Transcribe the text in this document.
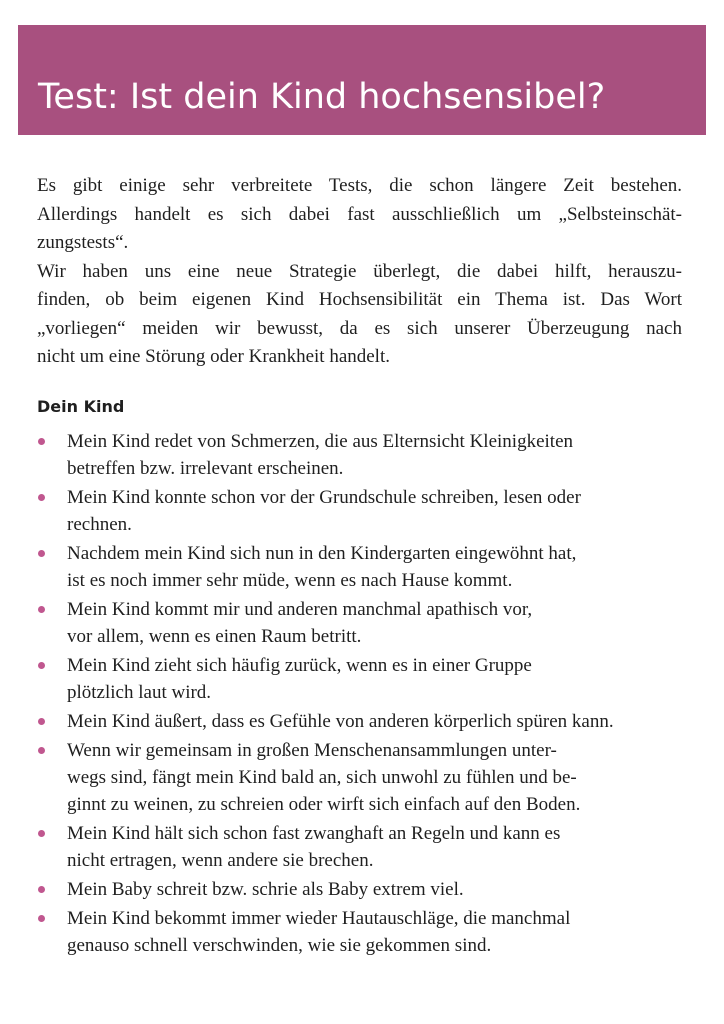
Test: Ist dein Kind hochsensibel?

Es gibt einige sehr verbreitete Tests, die schon längere Zeit bestehen.
Allerdings handelt es sich dabei fast ausschließlich um „Selbsteinschät-
zungstests“.
Wir haben uns eine neue Strategie überlegt, die dabei hilft, herauszu-
finden, ob beim eigenen Kind Hochsensibilität ein Thema ist. Das Wort
„vorliegen“ meiden wir bewusst, da es sich unserer Überzeugung nach
nicht um eine Störung oder Krankheit handelt.

Dein Kind
Mein Kind redet von Schmerzen, die aus Elternsicht Kleinigkeiten
betreffen bzw. irrelevant erscheinen.
Mein Kind konnte schon vor der Grundschule schreiben, lesen oder
rechnen.
Nachdem mein Kind sich nun in den Kindergarten eingewöhnt hat,
ist es noch immer sehr müde, wenn es nach Hause kommt.
Mein Kind kommt mir und anderen manchmal apathisch vor,
vor allem, wenn es einen Raum betritt.
Mein Kind zieht sich häufig zurück, wenn es in einer Gruppe
plötzlich laut wird.
Mein Kind äußert, dass es Gefühle von anderen körperlich spüren kann.
Wenn wir gemeinsam in großen Menschenansammlungen unter-
wegs sind, fängt mein Kind bald an, sich unwohl zu fühlen und be-
ginnt zu weinen, zu schreien oder wirft sich einfach auf den Boden.
Mein Kind hält sich schon fast zwanghaft an Regeln und kann es
nicht ertragen, wenn andere sie brechen.
Mein Baby schreit bzw. schrie als Baby extrem viel.
Mein Kind bekommt immer wieder Hautauschläge, die manchmal
genauso schnell verschwinden, wie sie gekommen sind.
